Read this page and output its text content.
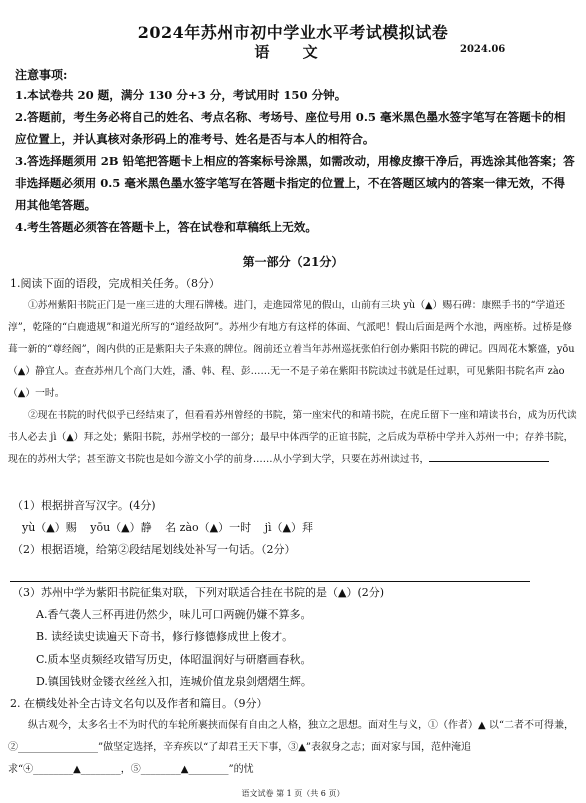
2024年苏州市初中学业水平考试模拟试卷
语 文	2024.06
注意事项:
1.本试卷共 20 题，满分 130 分+3 分，考试用时 150 分钟。
2.答题前，考生务必将自己的姓名、考点名称、考场号、座位号用 0.5 毫米黑色墨水签字笔写在答题卡的相应位置上，并认真核对条形码上的准考号、姓名是否与本人的相符合。
3.答选择题须用 2B 铅笔把答题卡上相应的答案标号涂黑，如需改动，用橡皮擦干净后，再选涂其他答案；答非选择题必须用 0.5 毫米黑色墨水签字笔写在答题卡指定的位置上，不在答题区域内的答案一律无效，不得用其他笔答题。
4.考生答题必须答在答题卡上，答在试卷和草稿纸上无效。
第一部分（21分）
1.阅读下面的语段，完成相关任务。（8分）
①苏州紫阳书院正门是一座三进的大理石牌楼。进门，走進园常见的假山，山前有三块 yù（▲）赐石碑：康熙手书的“学道还淳”，乾隆的“白鹿遗规”和道光所写的“道经故阿”。苏州少有地方有这样的体面、气派吧！假山后面是两个水池，两座桥。过桥是修葺一新的“尊经阁”，阁内供的正是紫阳夫子朱熹的牌位。阁前还立着当年苏州巡抚张伯行创办紫阳书院的碑记。四周花木繁盛，yōu（▲）静宜人。查查苏州几个高门大姓，潘、韩、程、彭……无一不是子弟在紫阳书院读过书就是任过职，可见紫阳书院名声 zào（▲）一时。
②现在书院的时代似乎已经结束了，但看看苏州曾经的书院，第一座宋代的和靖书院，在虎丘留下一座和靖读书台，成为历代读书人必去 jì（▲）拜之处；紫阳书院，苏州学校的一部分；最早中体西学的正谊书院，之后成为草桥中学并入苏州一中；存养书院，现在的苏州大学；甚至游文书院也是如今游文小学的前身……从小学到大学，只要在苏州读过书，
（1）根据拼音写汉字。(4分)
yù（▲）赐 yōu（▲）静 名 zào（▲）一时 jì（▲）拜
（2）根据语境，给第②段结尾划线处补写一句话。（2分）
（3）苏州中学为紫阳书院征集对联，下列对联适合挂在书院的是（▲）(2分)
A.香气袭人三杯再进仍然少，味儿可口两碗仍嫌不算多。
B. 读经读史读遍天下奇书，修行修德修成世上俊才。
C.质本坚贞频经攻错写历史，体昭温润好与研磨画春秋。
D.镇国钱财金镂衣丝丝入扣，连城价值龙泉剑熠熠生辉。
2. 在横线处补全古诗文名句以及作者和篇目。（9分）
纵古观今，太多名士不为时代的车轮所裹挟而保有自由之人格，独立之思想。面对生与义，①（作者）▲ 以“二者不可得兼，②________________”做坚定选择，辛弃疾以“了却君王天下事，③▲”表叙身之志；面对家与国，范仲淹追求“④________▲________，⑤________▲________”的忧
语文试卷 第 1 页（共 6 页）
